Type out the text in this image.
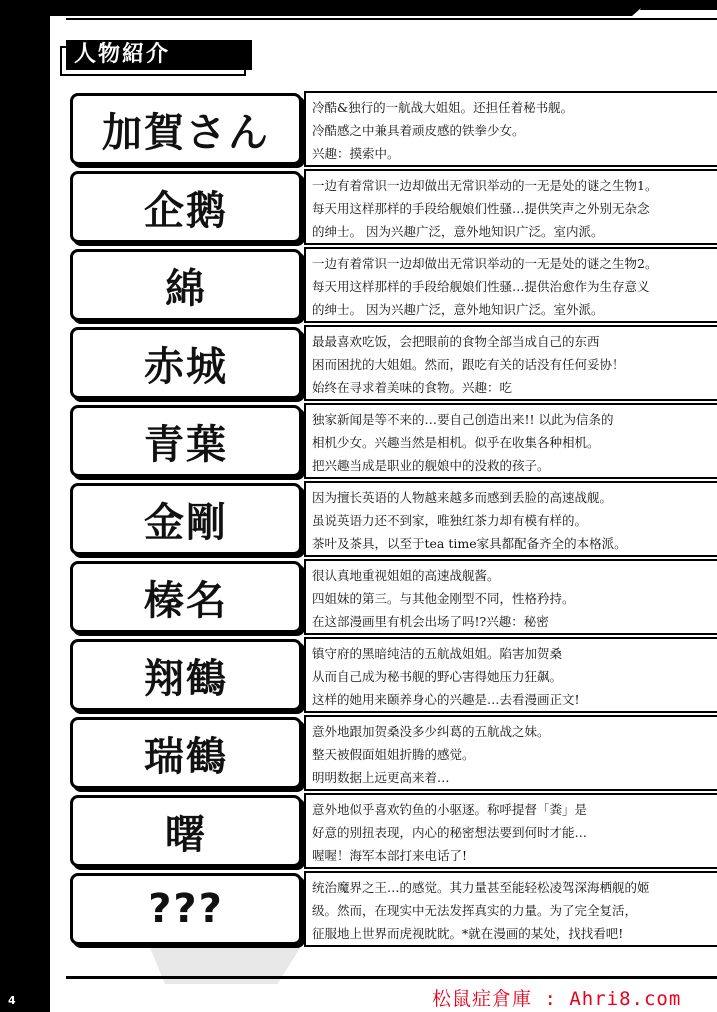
人物紹介
加賀さん
冷酷&独行的一航战大姐姐。还担任着秘书舰。
冷酷感之中兼具着顽皮感的铁拳少女。
兴趣：摸索中。
企鹅
一边有着常识一边却做出无常识举动的一无是处的谜之生物1。
每天用这样那样的手段给舰娘们性骚…提供笑声之外别无杂念
的绅士。 因为兴趣广泛，意外地知识广泛。室内派。
綿
一边有着常识一边却做出无常识举动的一无是处的谜之生物2。
每天用这样那样的手段给舰娘们性骚…提供治愈作为生存意义
的绅士。 因为兴趣广泛，意外地知识广泛。室外派。
赤城
最最喜欢吃饭，会把眼前的食物全部当成自己的东西
困而困扰的大姐姐。然而，跟吃有关的话没有任何妥协！
始终在寻求着美味的食物。兴趣：吃
青葉
独家新闻是等不来的…要自己创造出来!! 以此为信条的
相机少女。兴趣当然是相机。似乎在收集各种相机。
把兴趣当成是职业的舰娘中的没救的孩子。
金剛
因为擅长英语的人物越来越多而感到丢脸的高速战舰。
虽说英语力还不到家，唯独红茶力却有模有样的。
茶叶及茶具，以至于tea time家具都配备齐全的本格派。
榛名
很认真地重视姐姐的高速战舰酱。
四姐妹的第三。与其他金刚型不同，性格矜持。
在这部漫画里有机会出场了吗!?兴趣：秘密
翔鶴
镇守府的黑暗纯洁的五航战姐姐。陷害加贺桑
从而自己成为秘书舰的野心害得她压力狂飙。
这样的她用来颐养身心的兴趣是…去看漫画正文!
瑞鶴
意外地跟加贺桑没多少纠葛的五航战之妹。
整天被假面姐姐折腾的感觉。
明明数据上远更高来着…
曙
意外地似乎喜欢钓鱼的小驱逐。称呼提督「粪」是
好意的别扭表现，内心的秘密想法要到何时才能…
喔喔！海军本部打来电话了!
???	统治魔界之王…的感觉。其力量甚至能轻松凌驾深海栖舰的姬
级。然而，在现实中无法发挥真实的力量。为了完全复活，
征服地上世界而虎视眈眈。*就在漫画的某处，找找看吧!
4	松鼠症倉庫 : Ahri8.com
